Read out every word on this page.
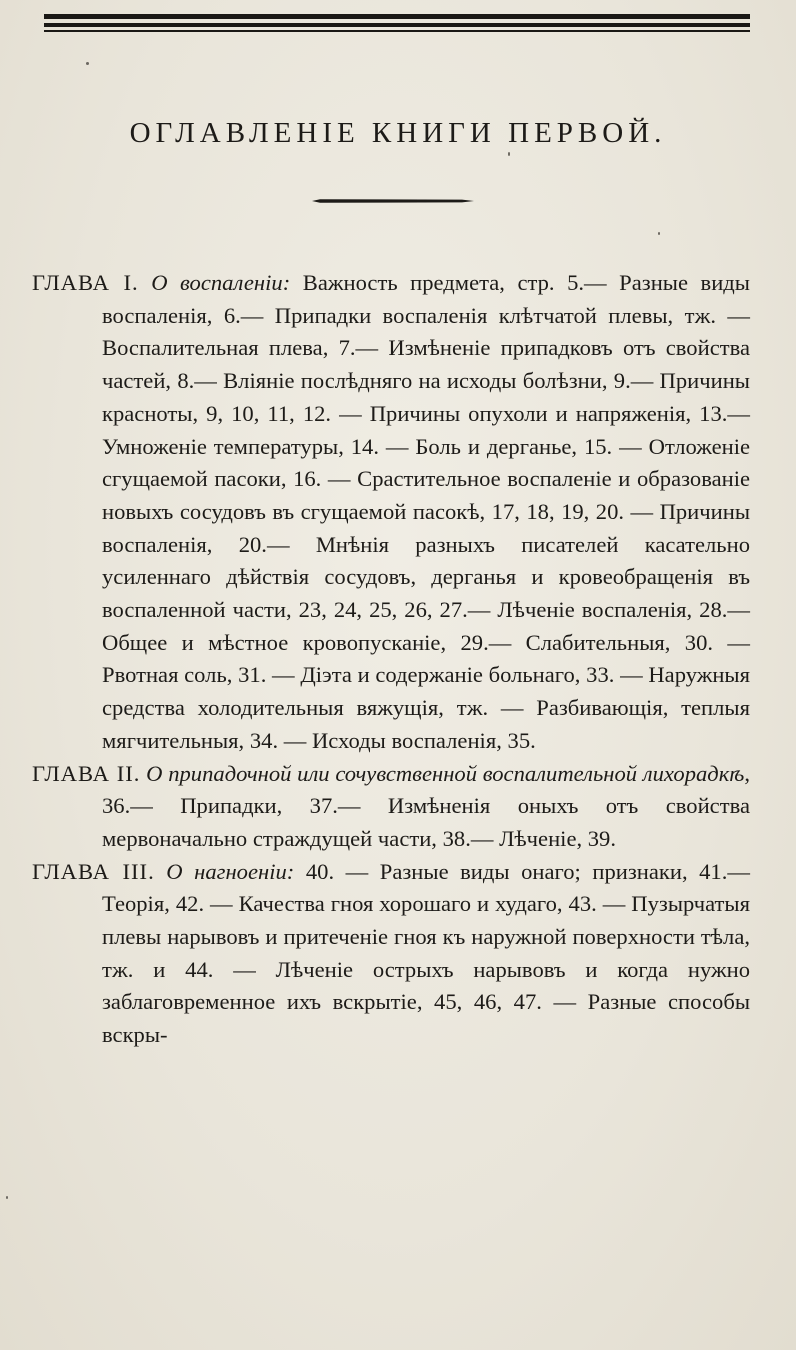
ОГЛАВЛЕНІЕ КНИГИ ПЕРВОЙ.

ГЛАВА I. О воспаленіи: Важность предмета, стр. 5.— Разные виды воспаленія, 6.— Припадки воспаленія клѣтчатой плевы, тж. — Воспалительная плева, 7.— Измѣненіе припадковъ отъ свойства частей, 8.— Вліяніе послѣдняго на исходы болѣзни, 9.— Причины красноты, 9, 10, 11, 12. — Причины опухоли и напряженія, 13.— Умноженіе температуры, 14. — Боль и дерганье, 15. — Отложеніе сгущаемой пасоки, 16. — Срастительное воспаленіе и образованіе новыхъ сосудовъ въ сгущаемой пасокѣ, 17, 18, 19, 20. — Причины воспаленія, 20.— Мнѣнія разныхъ писателей касательно усиленнаго дѣйствія сосудовъ, дерганья и кровеобращенія въ воспаленной части, 23, 24, 25, 26, 27.— Лѣченіе воспаленія, 28.— Общее и мѣстное кровопусканіе, 29.— Слабительныя, 30. — Рвотная соль, 31. — Діэта и содержаніе больнаго, 33. — Наружныя средства холодительныя вяжущія, тж. — Разбивающія, теплыя мягчительныя, 34. — Исходы воспаленія, 35.

ГЛАВА II. О припадочной или сочувственной воспалительной лихорадкѣ, 36.— Припадки, 37.— Измѣненія оныхъ отъ свойства мервоначально страждущей части, 38.— Лѣченіе, 39.

ГЛАВА III. О нагноеніи: 40. — Разные виды онаго; признаки, 41.— Теорія, 42. — Качества гноя хорошаго и худаго, 43. — Пузырчатыя плевы нарывовъ и притеченіе гноя къ наружной поверхности тѣла, тж. и 44. — Лѣченіе острыхъ нарывовъ и когда нужно заблаговременное ихъ вскрытіе, 45, 46, 47. — Разные способы вскры-
